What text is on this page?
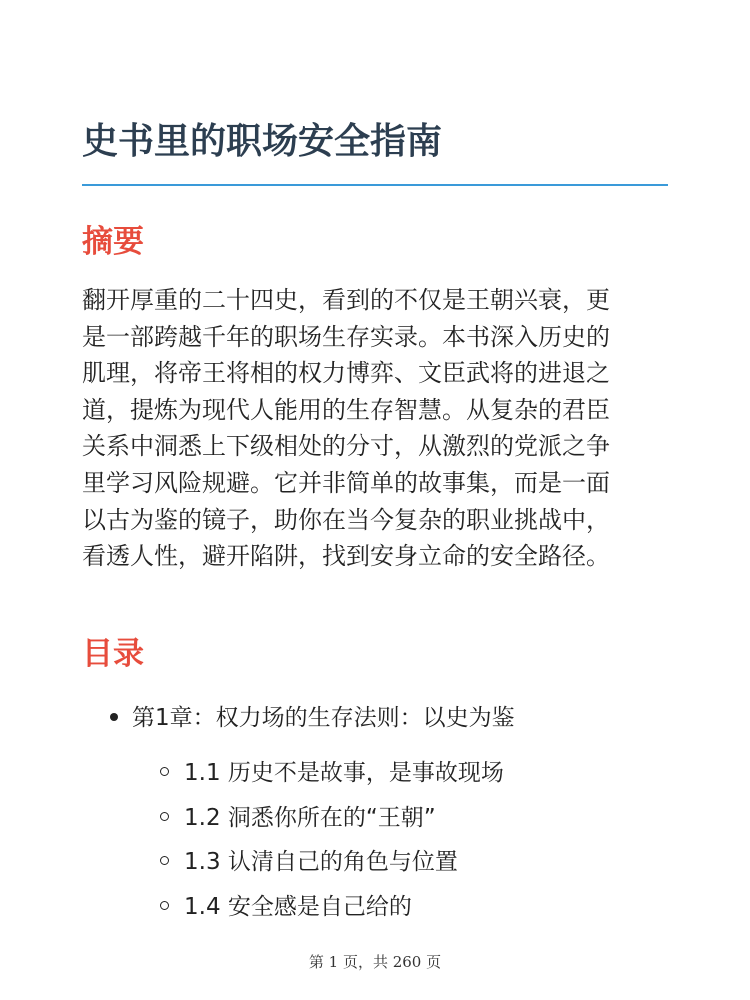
史书里的职场安全指南
摘要

翻开厚重的二十四史，看到的不仅是王朝兴衰，更
是一部跨越千年的职场生存实录。本书深入历史的
肌理，将帝王将相的权力博弈、文臣武将的进退之
道，提炼为现代人能用的生存智慧。从复杂的君臣
关系中洞悉上下级相处的分寸，从激烈的党派之争
里学习风险规避。它并非简单的故事集，而是一面
以古为鉴的镜子，助你在当今复杂的职业挑战中，
看透人性，避开陷阱，找到安身立命的安全路径。

目录
第1章：权力场的生存法则：以史为鉴
1.1 历史不是故事，是事故现场
1.2 洞悉你所在的“王朝”
1.3 认清自己的角色与位置
1.4 安全感是自己给的
第 1 页，共 260 页
